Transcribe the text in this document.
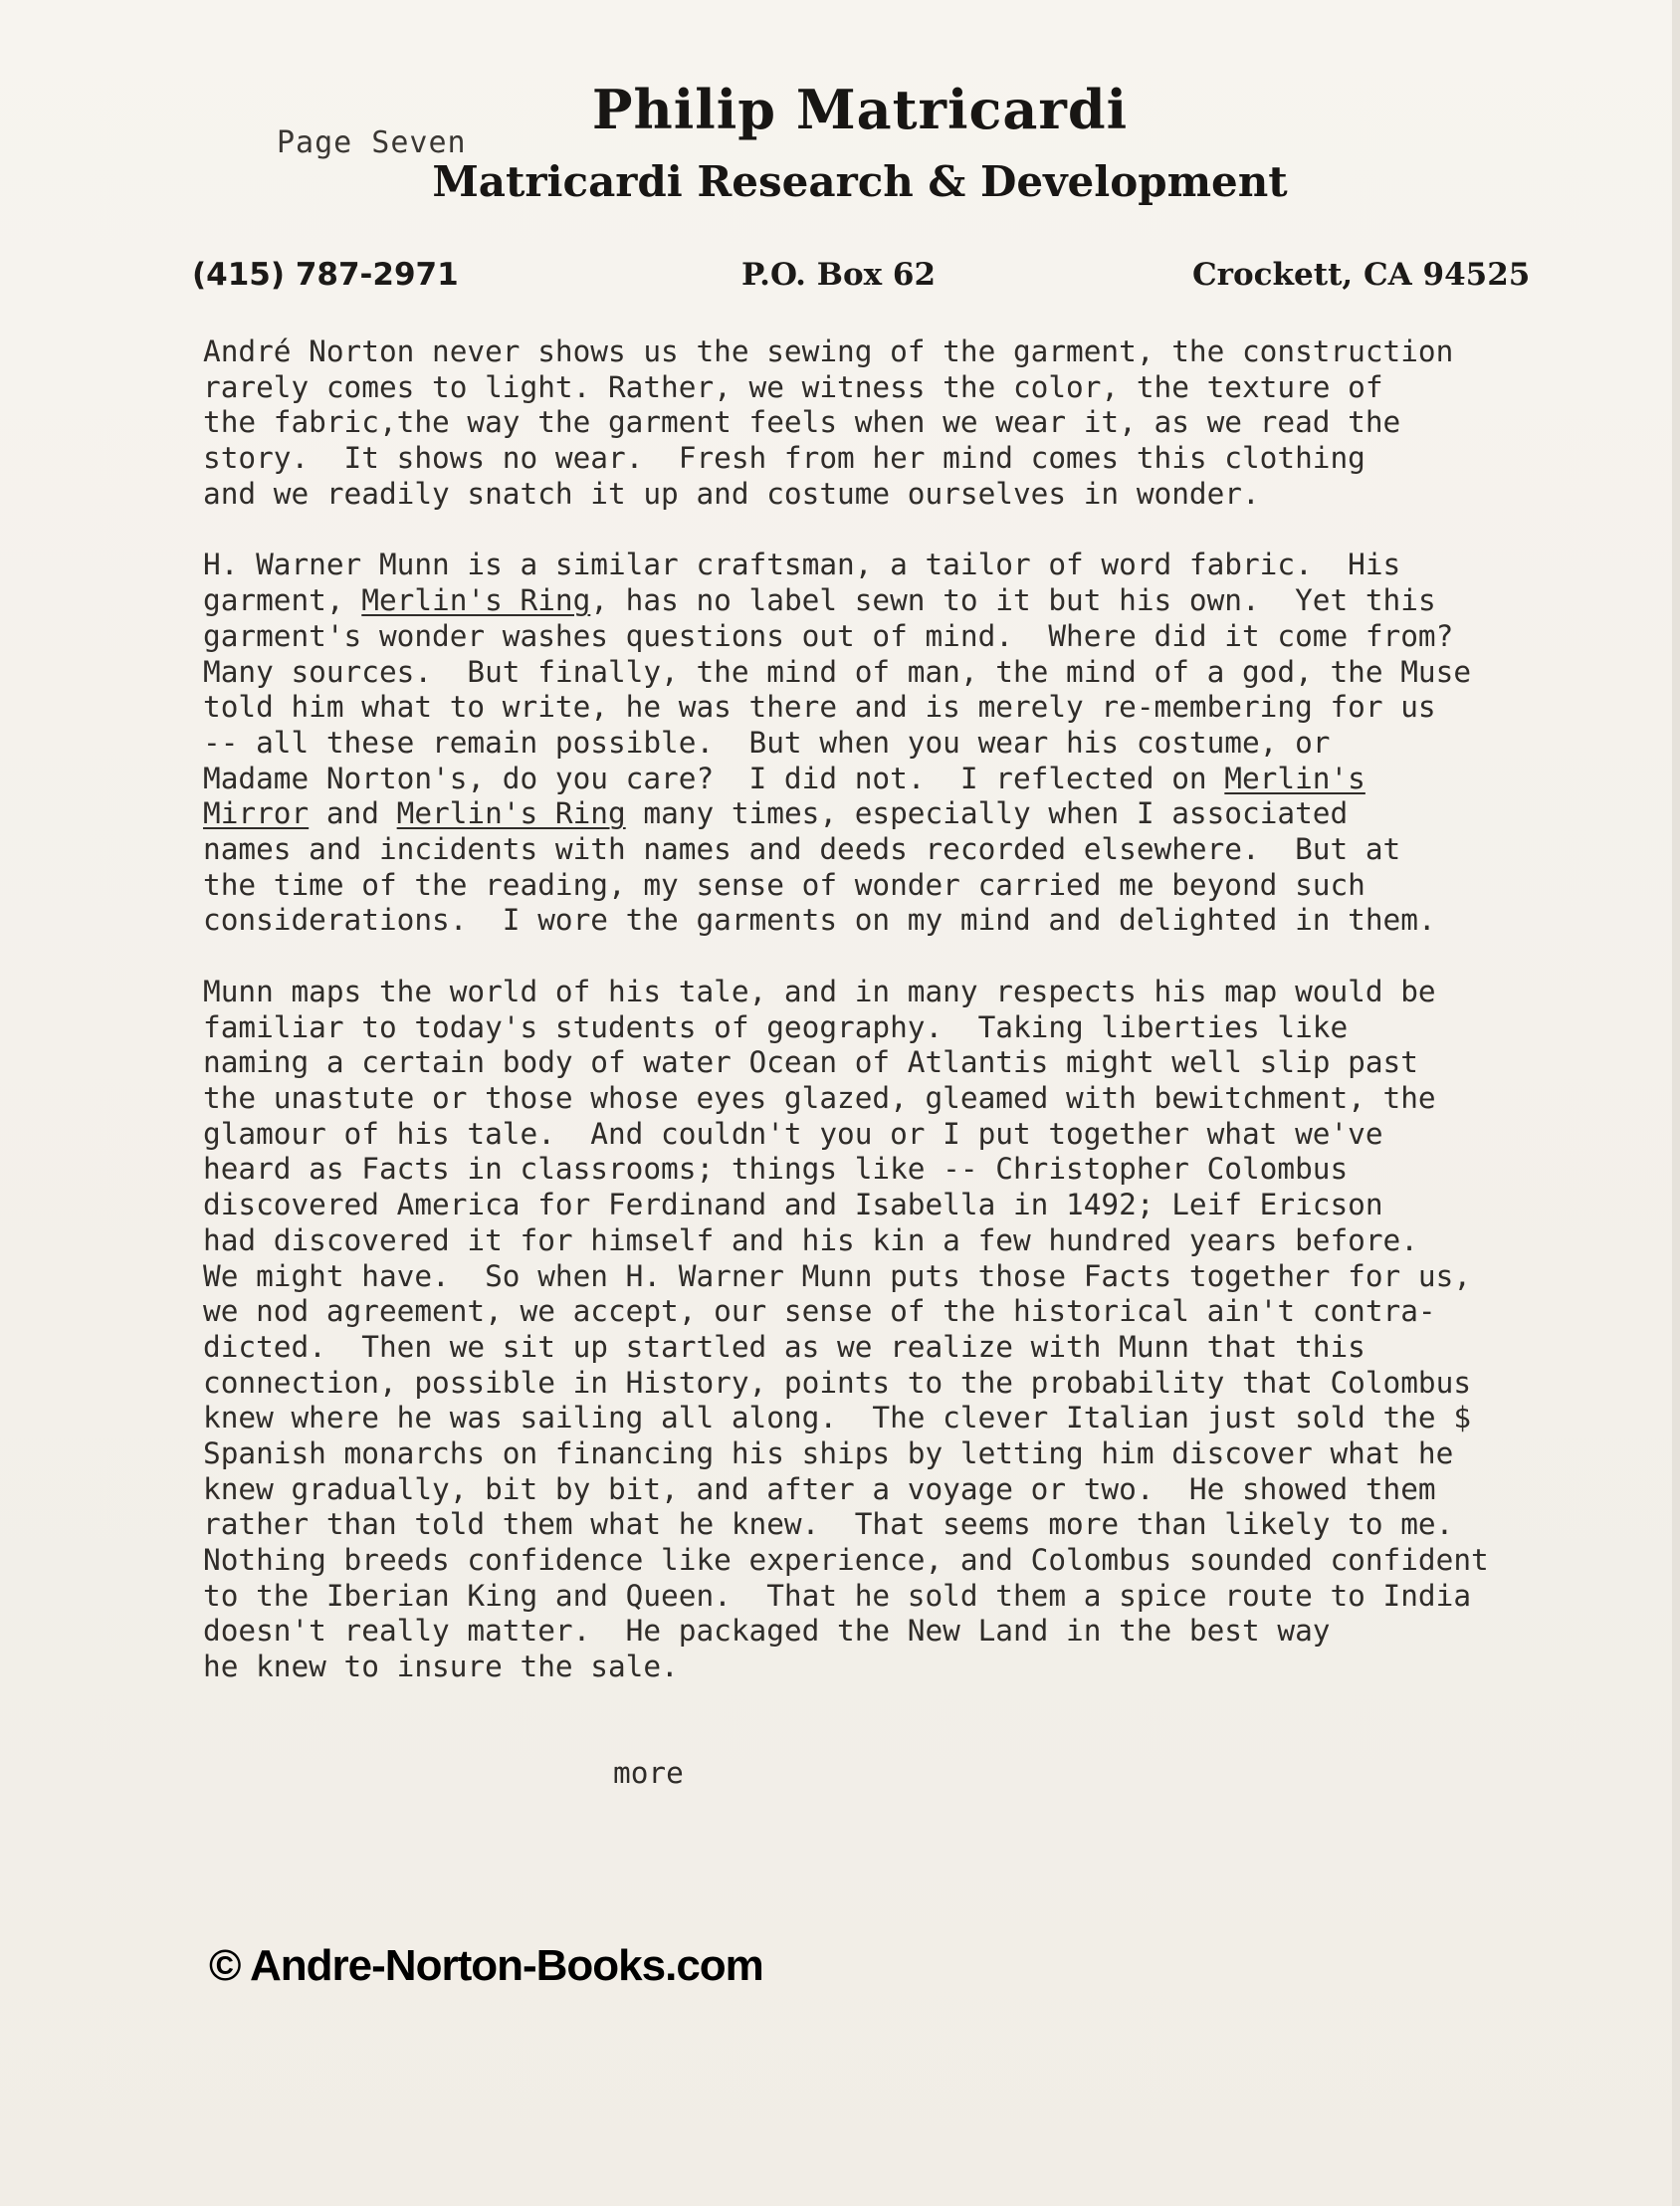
Page Seven
Philip Matricardi
Matricardi Research & Development
(415) 787-2971	P.O. Box 62	Crockett, CA 94525
André Norton never shows us the sewing of the garment, the construction
rarely comes to light. Rather, we witness the color, the texture of
the fabric,the way the garment feels when we wear it, as we read the
story.  It shows no wear.  Fresh from her mind comes this clothing
and we readily snatch it up and costume ourselves in wonder.
H. Warner Munn is a similar craftsman, a tailor of word fabric.  His
garment, Merlin's Ring, has no label sewn to it but his own.  Yet this
garment's wonder washes questions out of mind.  Where did it come from?
Many sources.  But finally, the mind of man, the mind of a god, the Muse
told him what to write, he was there and is merely re-membering for us
-- all these remain possible.  But when you wear his costume, or
Madame Norton's, do you care?  I did not.  I reflected on Merlin's
Mirror and Merlin's Ring many times, especially when I associated
names and incidents with names and deeds recorded elsewhere.  But at
the time of the reading, my sense of wonder carried me beyond such
considerations.  I wore the garments on my mind and delighted in them.
Munn maps the world of his tale, and in many respects his map would be
familiar to today's students of geography.  Taking liberties like
naming a certain body of water Ocean of Atlantis might well slip past
the unastute or those whose eyes glazed, gleamed with bewitchment, the
glamour of his tale.  And couldn't you or I put together what we've
heard as Facts in classrooms; things like -- Christopher Colombus
discovered America for Ferdinand and Isabella in 1492; Leif Ericson
had discovered it for himself and his kin a few hundred years before.
We might have.  So when H. Warner Munn puts those Facts together for us,
we nod agreement, we accept, our sense of the historical ain't contra-
dicted.  Then we sit up startled as we realize with Munn that this
connection, possible in History, points to the probability that Colombus
knew where he was sailing all along.  The clever Italian just sold the $
Spanish monarchs on financing his ships by letting him discover what he
knew gradually, bit by bit, and after a voyage or two.  He showed them
rather than told them what he knew.  That seems more than likely to me.
Nothing breeds confidence like experience, and Colombus sounded confident
to the Iberian King and Queen.  That he sold them a spice route to India
doesn't really matter.  He packaged the New Land in the best way
he knew to insure the sale.
more
© Andre-Norton-Books.com
